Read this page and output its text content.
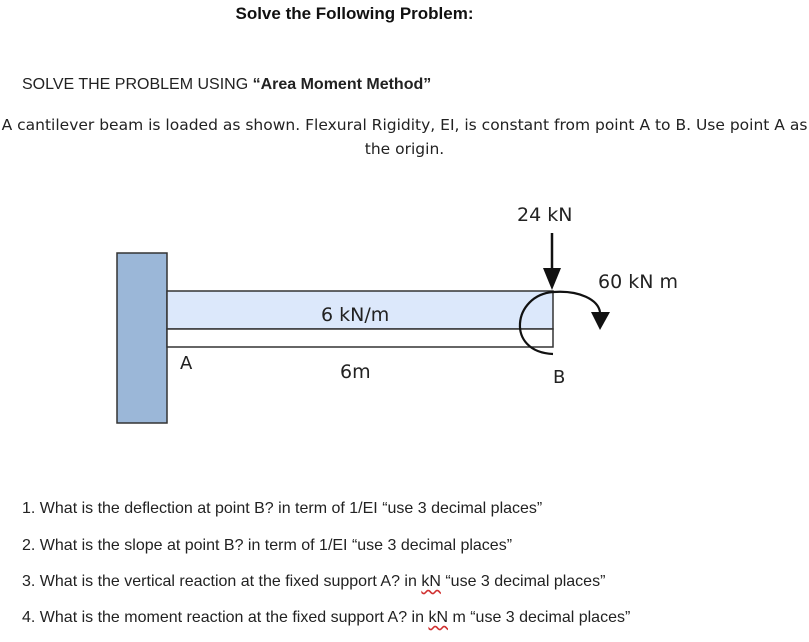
Solve the Following Problem:
SOLVE THE PROBLEM USING “Area Moment Method”
A cantilever beam is loaded as shown. Flexural Rigidity, EI, is constant from point A to B. Use point A as the origin.
24 kN
60 kN m
6 kN/m
6m
A
B
1. What is the deflection at point B? in term of 1/EI “use 3 decimal places”
2. What is the slope at point B? in term of 1/EI “use 3 decimal places”
3. What is the vertical reaction at the fixed support A? in kN “use 3 decimal places”
4. What is the moment reaction at the fixed support A? in kN m “use 3 decimal places”
